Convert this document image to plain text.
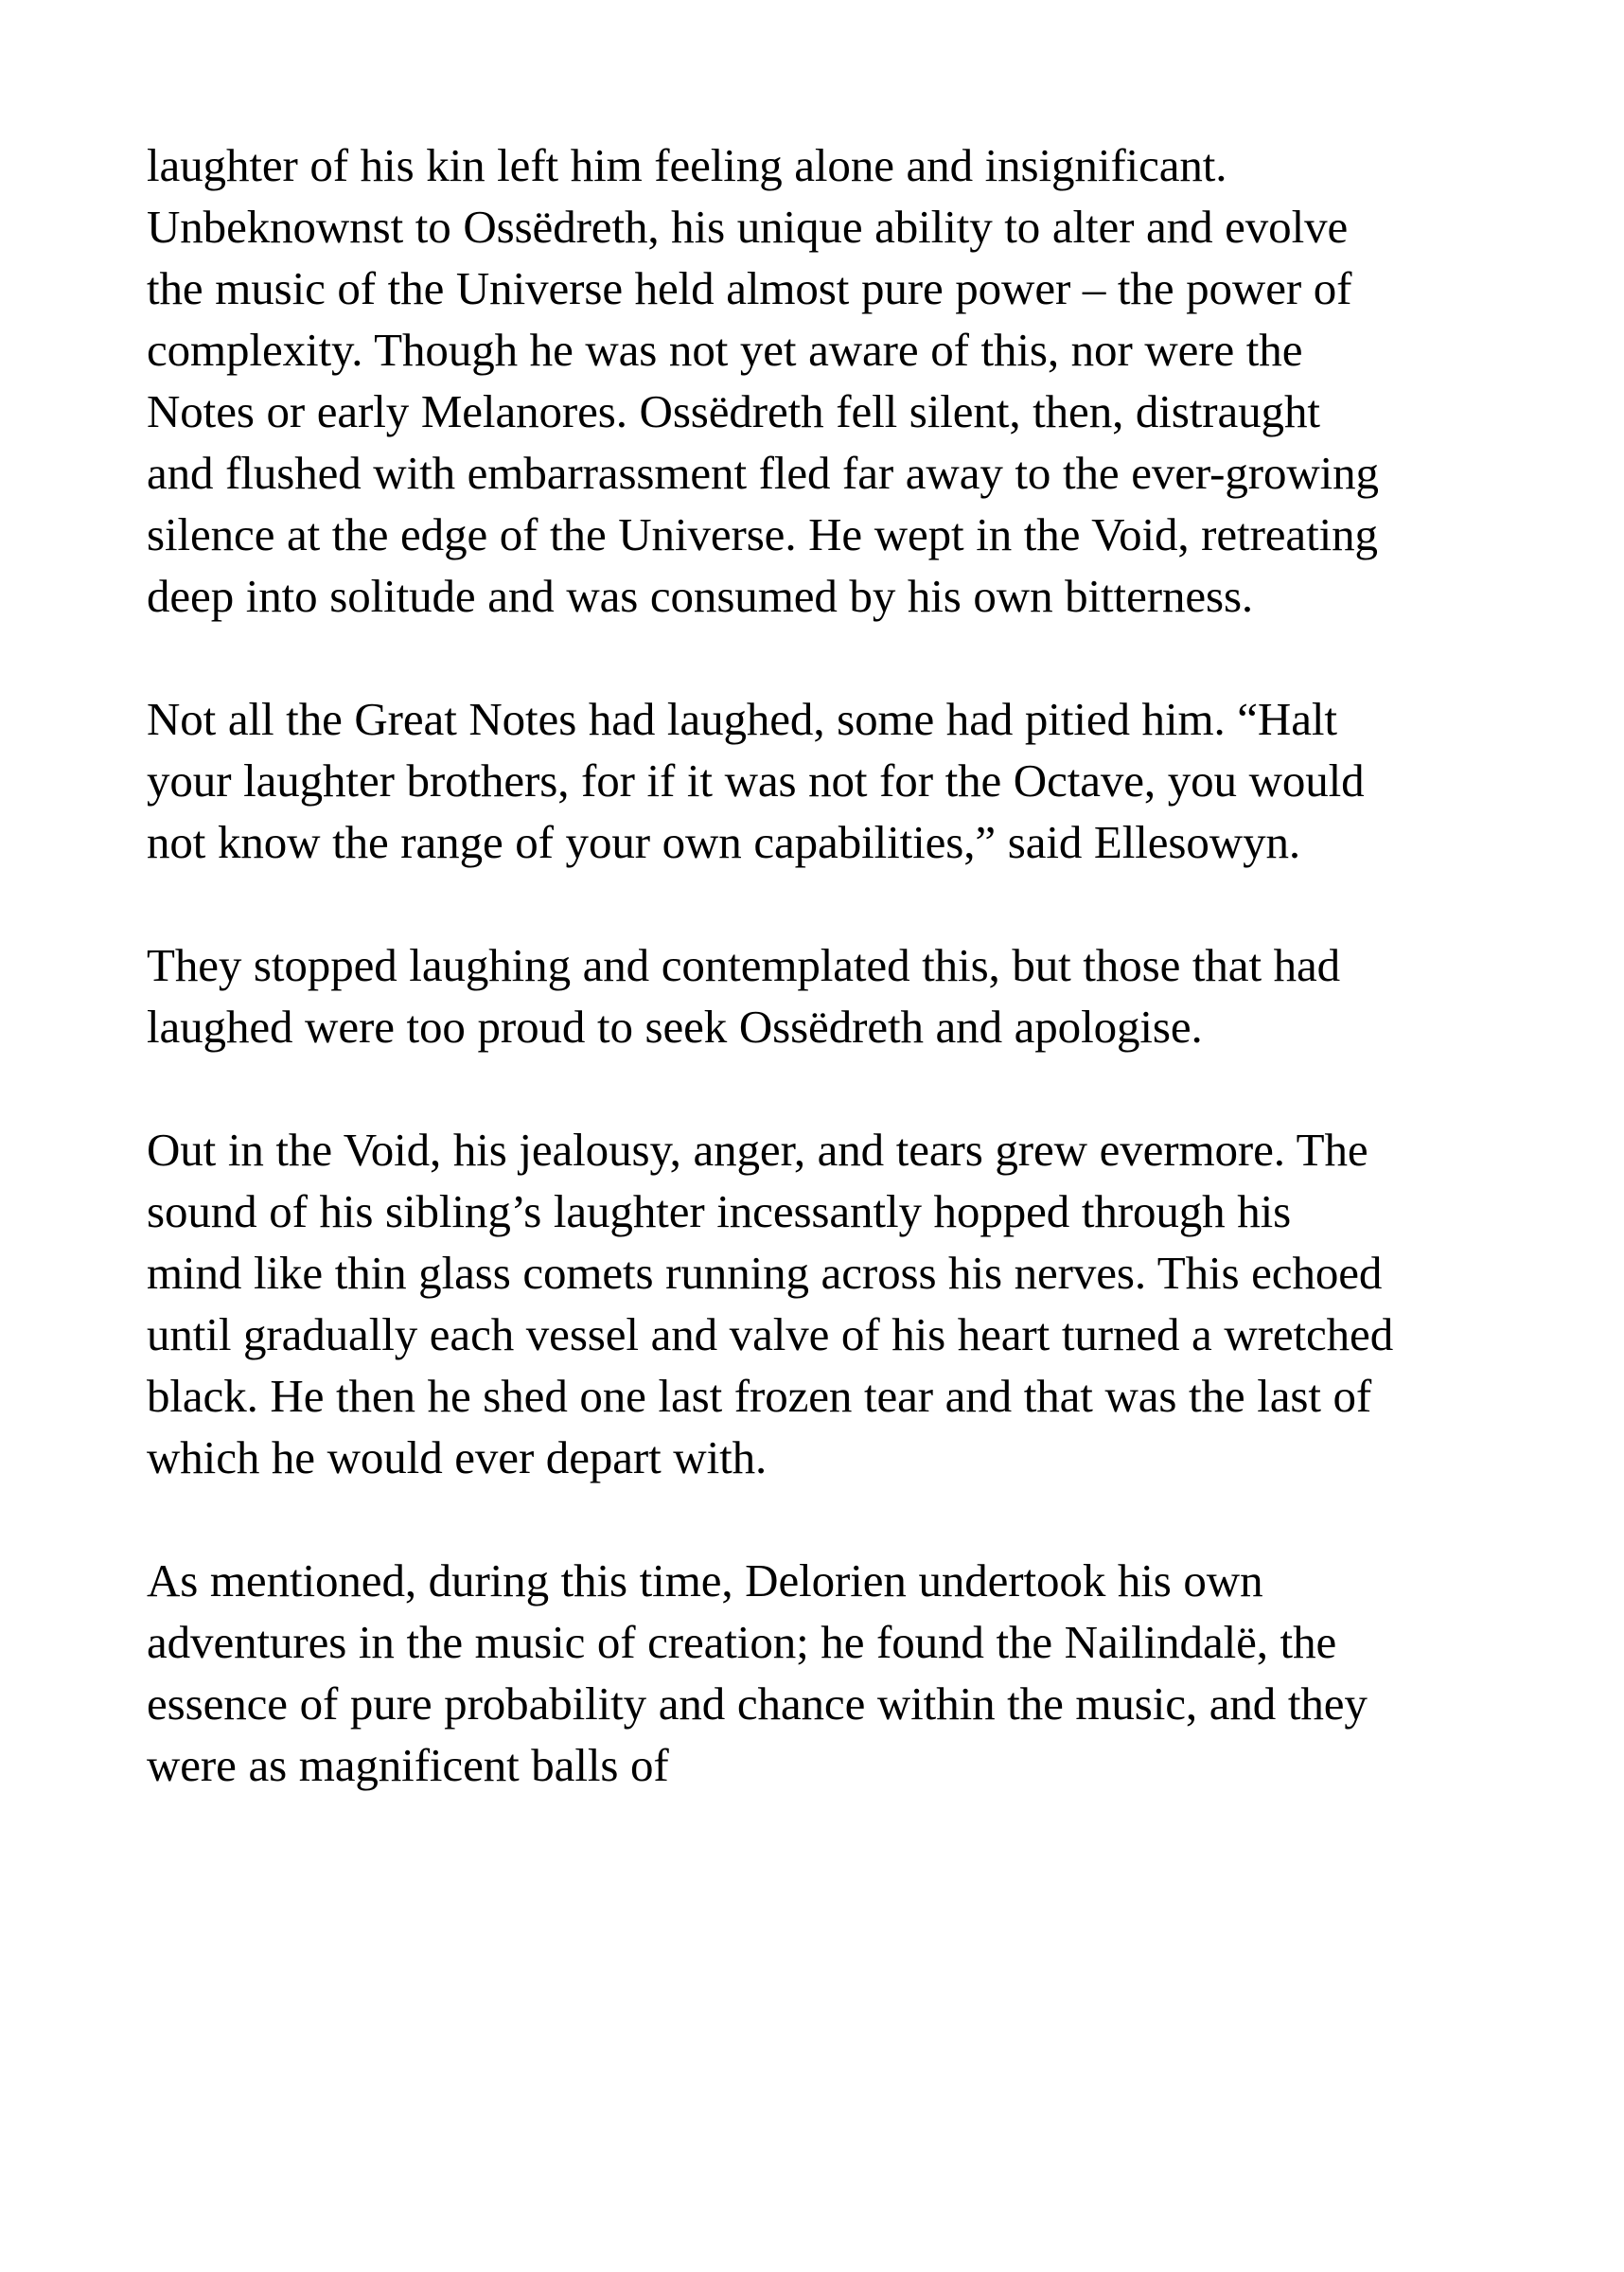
laughter of his kin left him feeling alone and insignificant. Unbeknownst to Ossëdreth, his unique ability to alter and evolve the music of the Universe held almost pure power – the power of complexity. Though he was not yet aware of this, nor were the Notes or early Melanores. Ossëdreth fell silent, then, distraught and flushed with embarrassment fled far away to the ever-growing silence at the edge of the Universe. He wept in the Void, retreating deep into solitude and was consumed by his own bitterness.

Not all the Great Notes had laughed, some had pitied him. “Halt your laughter brothers, for if it was not for the Octave, you would not know the range of your own capabilities,” said Ellesowyn.

They stopped laughing and contemplated this, but those that had laughed were too proud to seek Ossëdreth and apologise.

Out in the Void, his jealousy, anger, and tears grew evermore. The sound of his sibling’s laughter incessantly hopped through his mind like thin glass comets running across his nerves. This echoed until gradually each vessel and valve of his heart turned a wretched black. He then he shed one last frozen tear and that was the last of which he would ever depart with.

As mentioned, during this time, Delorien undertook his own adventures in the music of creation; he found the Nailindalë, the essence of pure probability and chance within the music, and they were as magnificent balls of
